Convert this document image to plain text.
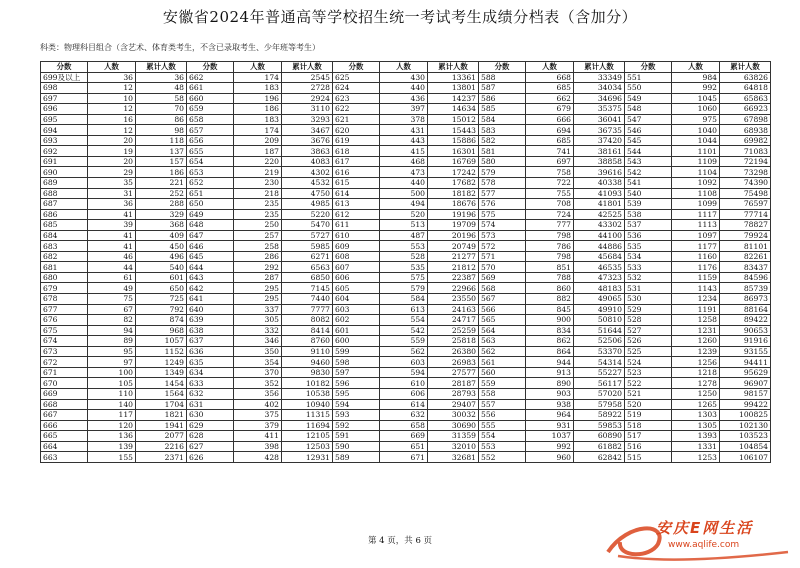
安徽省2024年普通高等学校招生统一考试考生成绩分档表（含加分）
科类：物理科目组合（含艺术、体育类考生，不含已录取考生、少年班等考生）
分数	人数	累计人数	分数	人数	累计人数	分数	人数	累计人数	分数	人数	累计人数	分数	人数	累计人数
699及以上	36	36	662	174	2545	625	430	13361	588	668	33349	551	984	63826
698	12	48	661	183	2728	624	440	13801	587	685	34034	550	992	64818
697	10	58	660	196	2924	623	436	14237	586	662	34696	549	1045	65863
696	12	70	659	186	3110	622	397	14634	585	679	35375	548	1060	66923
695	16	86	658	183	3293	621	378	15012	584	666	36041	547	975	67898
694	12	98	657	174	3467	620	431	15443	583	694	36735	546	1040	68938
693	20	118	656	209	3676	619	443	15886	582	685	37420	545	1044	69982
692	19	137	655	187	3863	618	415	16301	581	741	38161	544	1101	71083
691	20	157	654	220	4083	617	468	16769	580	697	38858	543	1109	72194
690	29	186	653	219	4302	616	473	17242	579	758	39616	542	1104	73298
689	35	221	652	230	4532	615	440	17682	578	722	40338	541	1092	74390
688	31	252	651	218	4750	614	500	18182	577	755	41093	540	1108	75498
687	36	288	650	235	4985	613	494	18676	576	708	41801	539	1099	76597
686	41	329	649	235	5220	612	520	19196	575	724	42525	538	1117	77714
685	39	368	648	250	5470	611	513	19709	574	777	43302	537	1113	78827
684	41	409	647	257	5727	610	487	20196	573	798	44100	536	1097	79924
683	41	450	646	258	5985	609	553	20749	572	786	44886	535	1177	81101
682	46	496	645	286	6271	608	528	21277	571	798	45684	534	1160	82261
681	44	540	644	292	6563	607	535	21812	570	851	46535	533	1176	83437
680	61	601	643	287	6850	606	575	22387	569	788	47323	532	1159	84596
679	49	650	642	295	7145	605	579	22966	568	860	48183	531	1143	85739
678	75	725	641	295	7440	604	584	23550	567	882	49065	530	1234	86973
677	67	792	640	337	7777	603	613	24163	566	845	49910	529	1191	88164
676	82	874	639	305	8082	602	554	24717	565	900	50810	528	1258	89422
675	94	968	638	332	8414	601	542	25259	564	834	51644	527	1231	90653
674	89	1057	637	346	8760	600	559	25818	563	862	52506	526	1260	91916
673	95	1152	636	350	9110	599	562	26380	562	864	53370	525	1239	93155
672	97	1249	635	354	9460	598	603	26983	561	944	54314	524	1256	94411
671	100	1349	634	370	9830	597	594	27577	560	913	55227	523	1218	95629
670	105	1454	633	352	10182	596	610	28187	559	890	56117	522	1278	96907
669	110	1564	632	356	10538	595	606	28793	558	903	57020	521	1250	98157
668	140	1704	631	402	10940	594	614	29407	557	938	57958	520	1265	99422
667	117	1821	630	375	11315	593	632	30032	556	964	58922	519	1303	100825
666	120	1941	629	379	11694	592	658	30690	555	931	59853	518	1305	102130
665	136	2077	628	411	12105	591	669	31359	554	1037	60890	517	1393	103523
664	139	2216	627	398	12503	590	651	32010	553	992	61882	516	1331	104854
663	155	2371	626	428	12931	589	671	32681	552	960	62842	515	1253	106107
第 4 页，共 6 页
安庆E网生活
www.aqlife.com
